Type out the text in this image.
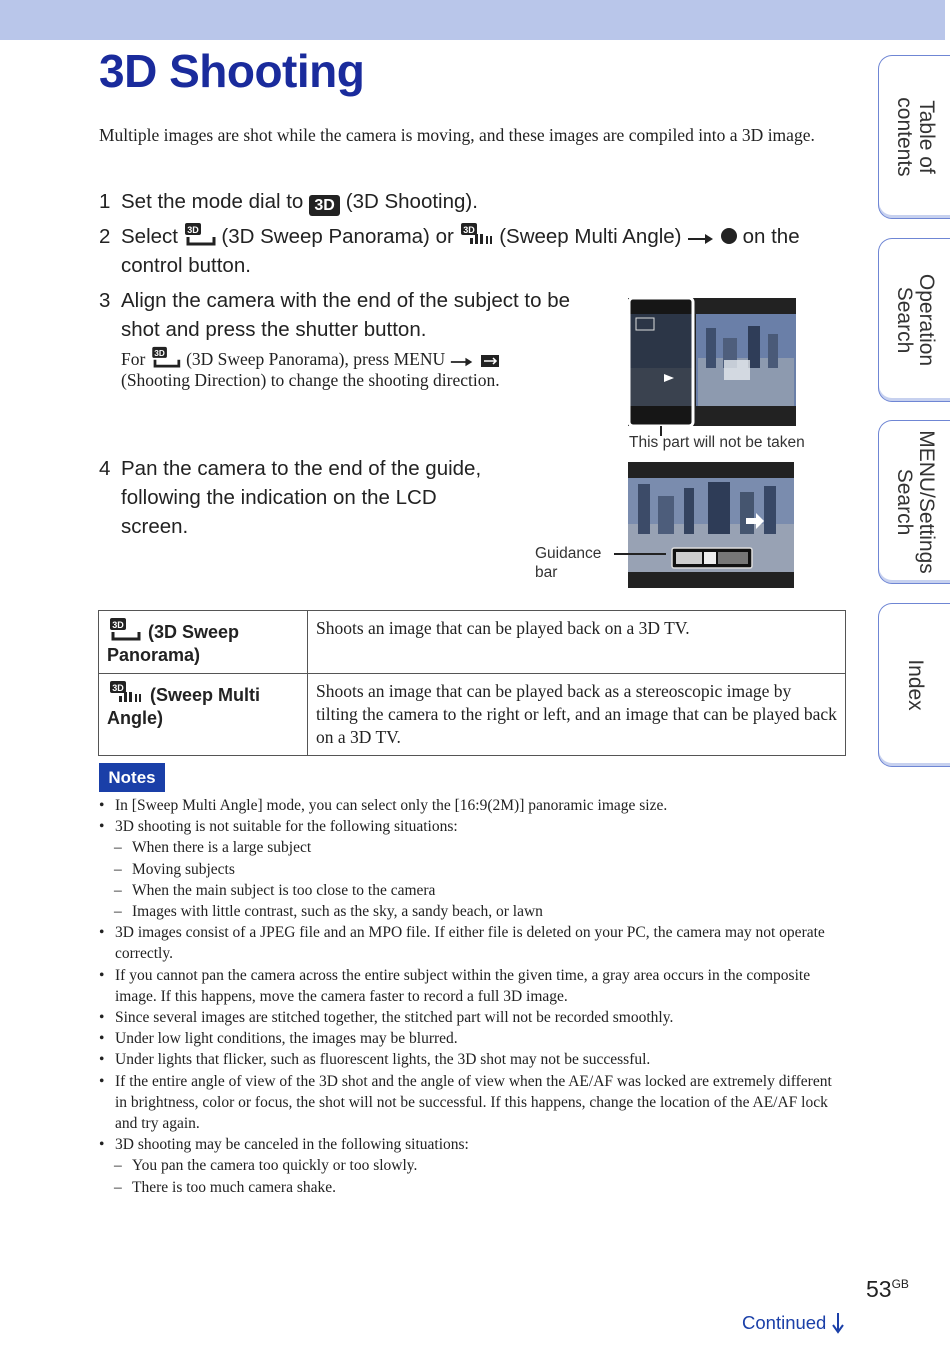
3D Shooting

Multiple images are shot while the camera is moving, and these images are compiled into a 3D image.

1 Set the mode dial to 3D (3D Shooting).
2 Select 3D (3D Sweep Panorama) or 3D (Sweep Multi Angle)   on the
control button.
3 Align the camera with the end of the subject to be
shot and press the shutter button.
For 3D (3D Sweep Panorama), press MENU
(Shooting Direction) to change the shooting direction.
4 Pan the camera to the end of the guide,
following the indication on the LCD
screen.
This part will not be taken
Guidance
bar
3D (3D Sweep
Panorama)	Shoots an image that can be played back on a 3D TV.

3D (Sweep Multi
Angle)	Shoots an image that can be played back as a stereoscopic image by tilting the camera to the right or left, and an image that can be played back on a 3D TV.
Notes
• In [Sweep Multi Angle] mode, you can select only the [16:9(2M)] panoramic image size.
• 3D shooting is not suitable for the following situations:
– When there is a large subject
– Moving subjects
– When the main subject is too close to the camera
– Images with little contrast, such as the sky, a sandy beach, or lawn
• 3D images consist of a JPEG file and an MPO file. If either file is deleted on your PC, the camera may not operate correctly.
• If you cannot pan the camera across the entire subject within the given time, a gray area occurs in the composite image. If this happens, move the camera faster to record a full 3D image.
• Since several images are stitched together, the stitched part will not be recorded smoothly.
• Under low light conditions, the images may be blurred.
• Under lights that flicker, such as fluorescent lights, the 3D shot may not be successful.
• If the entire angle of view of the 3D shot and the angle of view when the AE/AF was locked are extremely different in brightness, color or focus, the shot will not be successful. If this happens, change the location of the AE/AF lock and try again.
• 3D shooting may be canceled in the following situations:
– You pan the camera too quickly or too slowly.
– There is too much camera shake.
Table of
contents
Operation
Search
MENU/Settings
Search
Index
$53^{GB}$
Continued
